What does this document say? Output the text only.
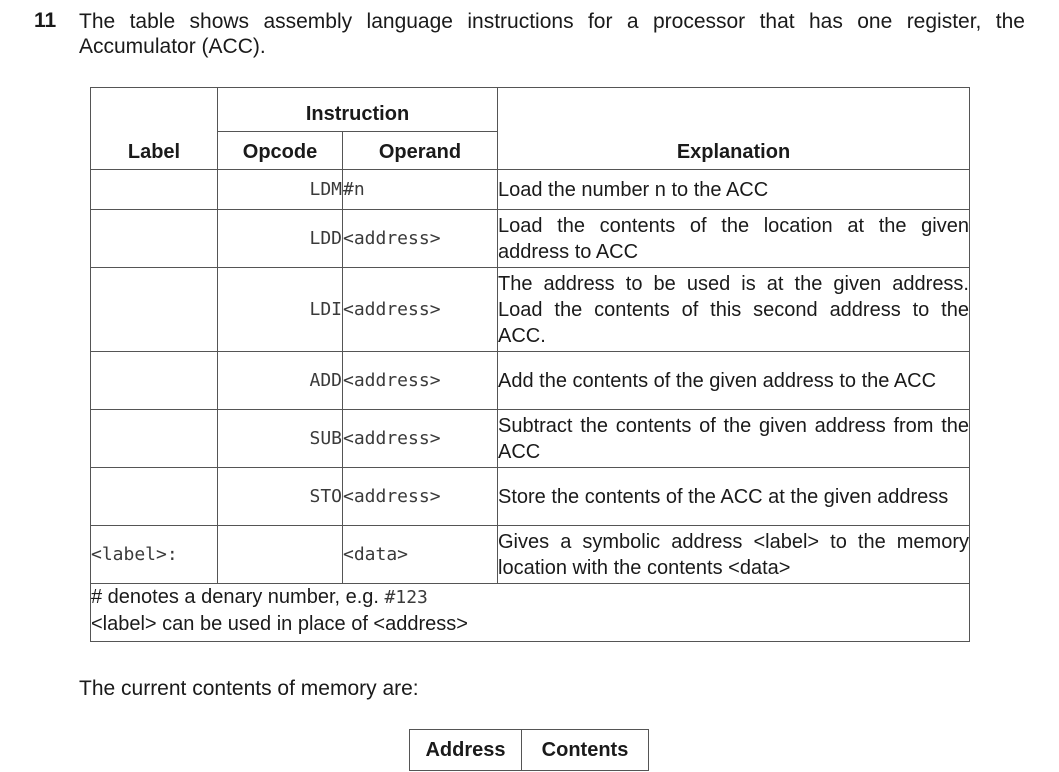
11 The table shows assembly language instructions for a processor that has one register, the Accumulator (ACC).
Label	Instruction		Explanation
	Opcode	Operand	
	LDM	#n	Load the number n to the ACC
	LDD	<address>	Load the contents of the location at the given address to ACC
	LDI	<address>	The address to be used is at the given address. Load the contents of this second address to the ACC.
	ADD	<address>	Add the contents of the given address to the ACC
	SUB	<address>	Subtract the contents of the given address from the ACC
	STO	<address>	Store the contents of the ACC at the given address
<label>:		<data>	Gives a symbolic address <label> to the memory location with the contents <data>

# denotes a denary number, e.g. #123
<label> can be used in place of <address>			
The current contents of memory are:
Address	Contents
